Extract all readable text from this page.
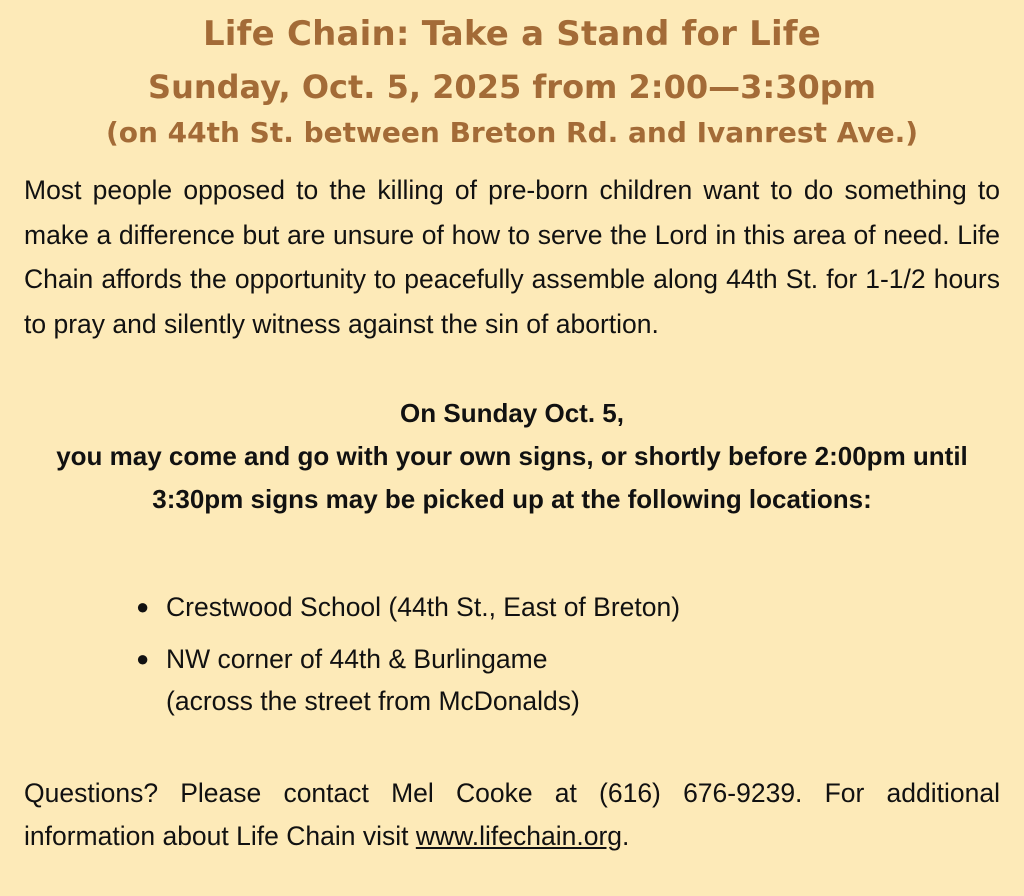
Life Chain: Take a Stand for Life
Sunday, Oct. 5, 2025 from 2:00—3:30pm
(on 44th St. between Breton Rd. and Ivanrest Ave.)

Most people opposed to the killing of pre-born children want to do something to make a difference but are unsure of how to serve the Lord in this area of need. Life Chain affords the opportunity to peacefully assemble along 44th St. for 1-1/2 hours to pray and silently witness against the sin of abortion.

On Sunday Oct. 5,

you may come and go with your own signs, or shortly before 2:00pm until 3:30pm signs may be picked up at the following locations:

● Crestwood School (44th St., East of Breton)
● NW corner of 44th & Burlingame
(across the street from McDonalds)

Questions? Please contact Mel Cooke at (616) 676-9239. For additional information about Life Chain visit www.lifechain.org.
